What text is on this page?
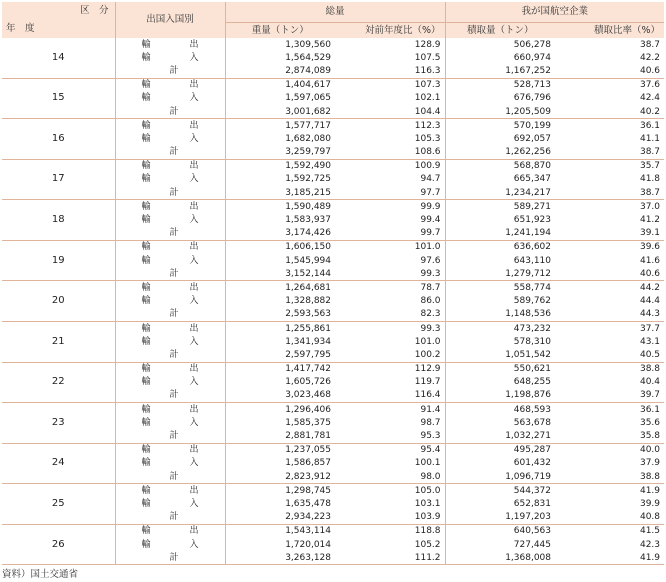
区　分
年　度	出国入国別	総量		我が国航空企業	
		重量（トン）	対前年度比（%）	積取量（トン）	積取比率（%）
14	輸 出	1,309,560	128.9	506,278	38.7

	輸 入	1,564,529	107.5	660,974	42.2
	計	2,874,089	116.3	1,167,252	40.6
15	輸 出	1,404,617	107.3	528,713	37.6

	輸 入	1,597,065	102.1	676,796	42.4
	計	3,001,682	104.4	1,205,509	40.2
16	輸 出	1,577,717	112.3	570,199	36.1

	輸 入	1,682,080	105.3	692,057	41.1
	計	3,259,797	108.6	1,262,256	38.7
17	輸 出	1,592,490	100.9	568,870	35.7

	輸 入	1,592,725	94.7	665,347	41.8
	計	3,185,215	97.7	1,234,217	38.7
18	輸 出	1,590,489	99.9	589,271	37.0

	輸 入	1,583,937	99.4	651,923	41.2
	計	3,174,426	99.7	1,241,194	39.1
19	輸 出	1,606,150	101.0	636,602	39.6

	輸 入	1,545,994	97.6	643,110	41.6
	計	3,152,144	99.3	1,279,712	40.6
20	輸 出	1,264,681	78.7	558,774	44.2

	輸 入	1,328,882	86.0	589,762	44.4
	計	2,593,563	82.3	1,148,536	44.3
21	輸 出	1,255,861	99.3	473,232	37.7

	輸 入	1,341,934	101.0	578,310	43.1
	計	2,597,795	100.2	1,051,542	40.5
22	輸 出	1,417,742	112.9	550,621	38.8

	輸 入	1,605,726	119.7	648,255	40.4
	計	3,023,468	116.4	1,198,876	39.7
23	輸 出	1,296,406	91.4	468,593	36.1

	輸 入	1,585,375	98.7	563,678	35.6
	計	2,881,781	95.3	1,032,271	35.8
24	輸 出	1,237,055	95.4	495,287	40.0

	輸 入	1,586,857	100.1	601,432	37.9
	計	2,823,912	98.0	1,096,719	38.8
25	輸 出	1,298,745	105.0	544,372	41.9

	輸 入	1,635,478	103.1	652,831	39.9
	計	2,934,223	103.9	1,197,203	40.8
26	輸 出	1,543,114	118.8	640,563	41.5

	輸 入	1,720,014	105.2	727,445	42.3
	計	3,263,128	111.2	1,368,008	41.9
資料）国土交通省
